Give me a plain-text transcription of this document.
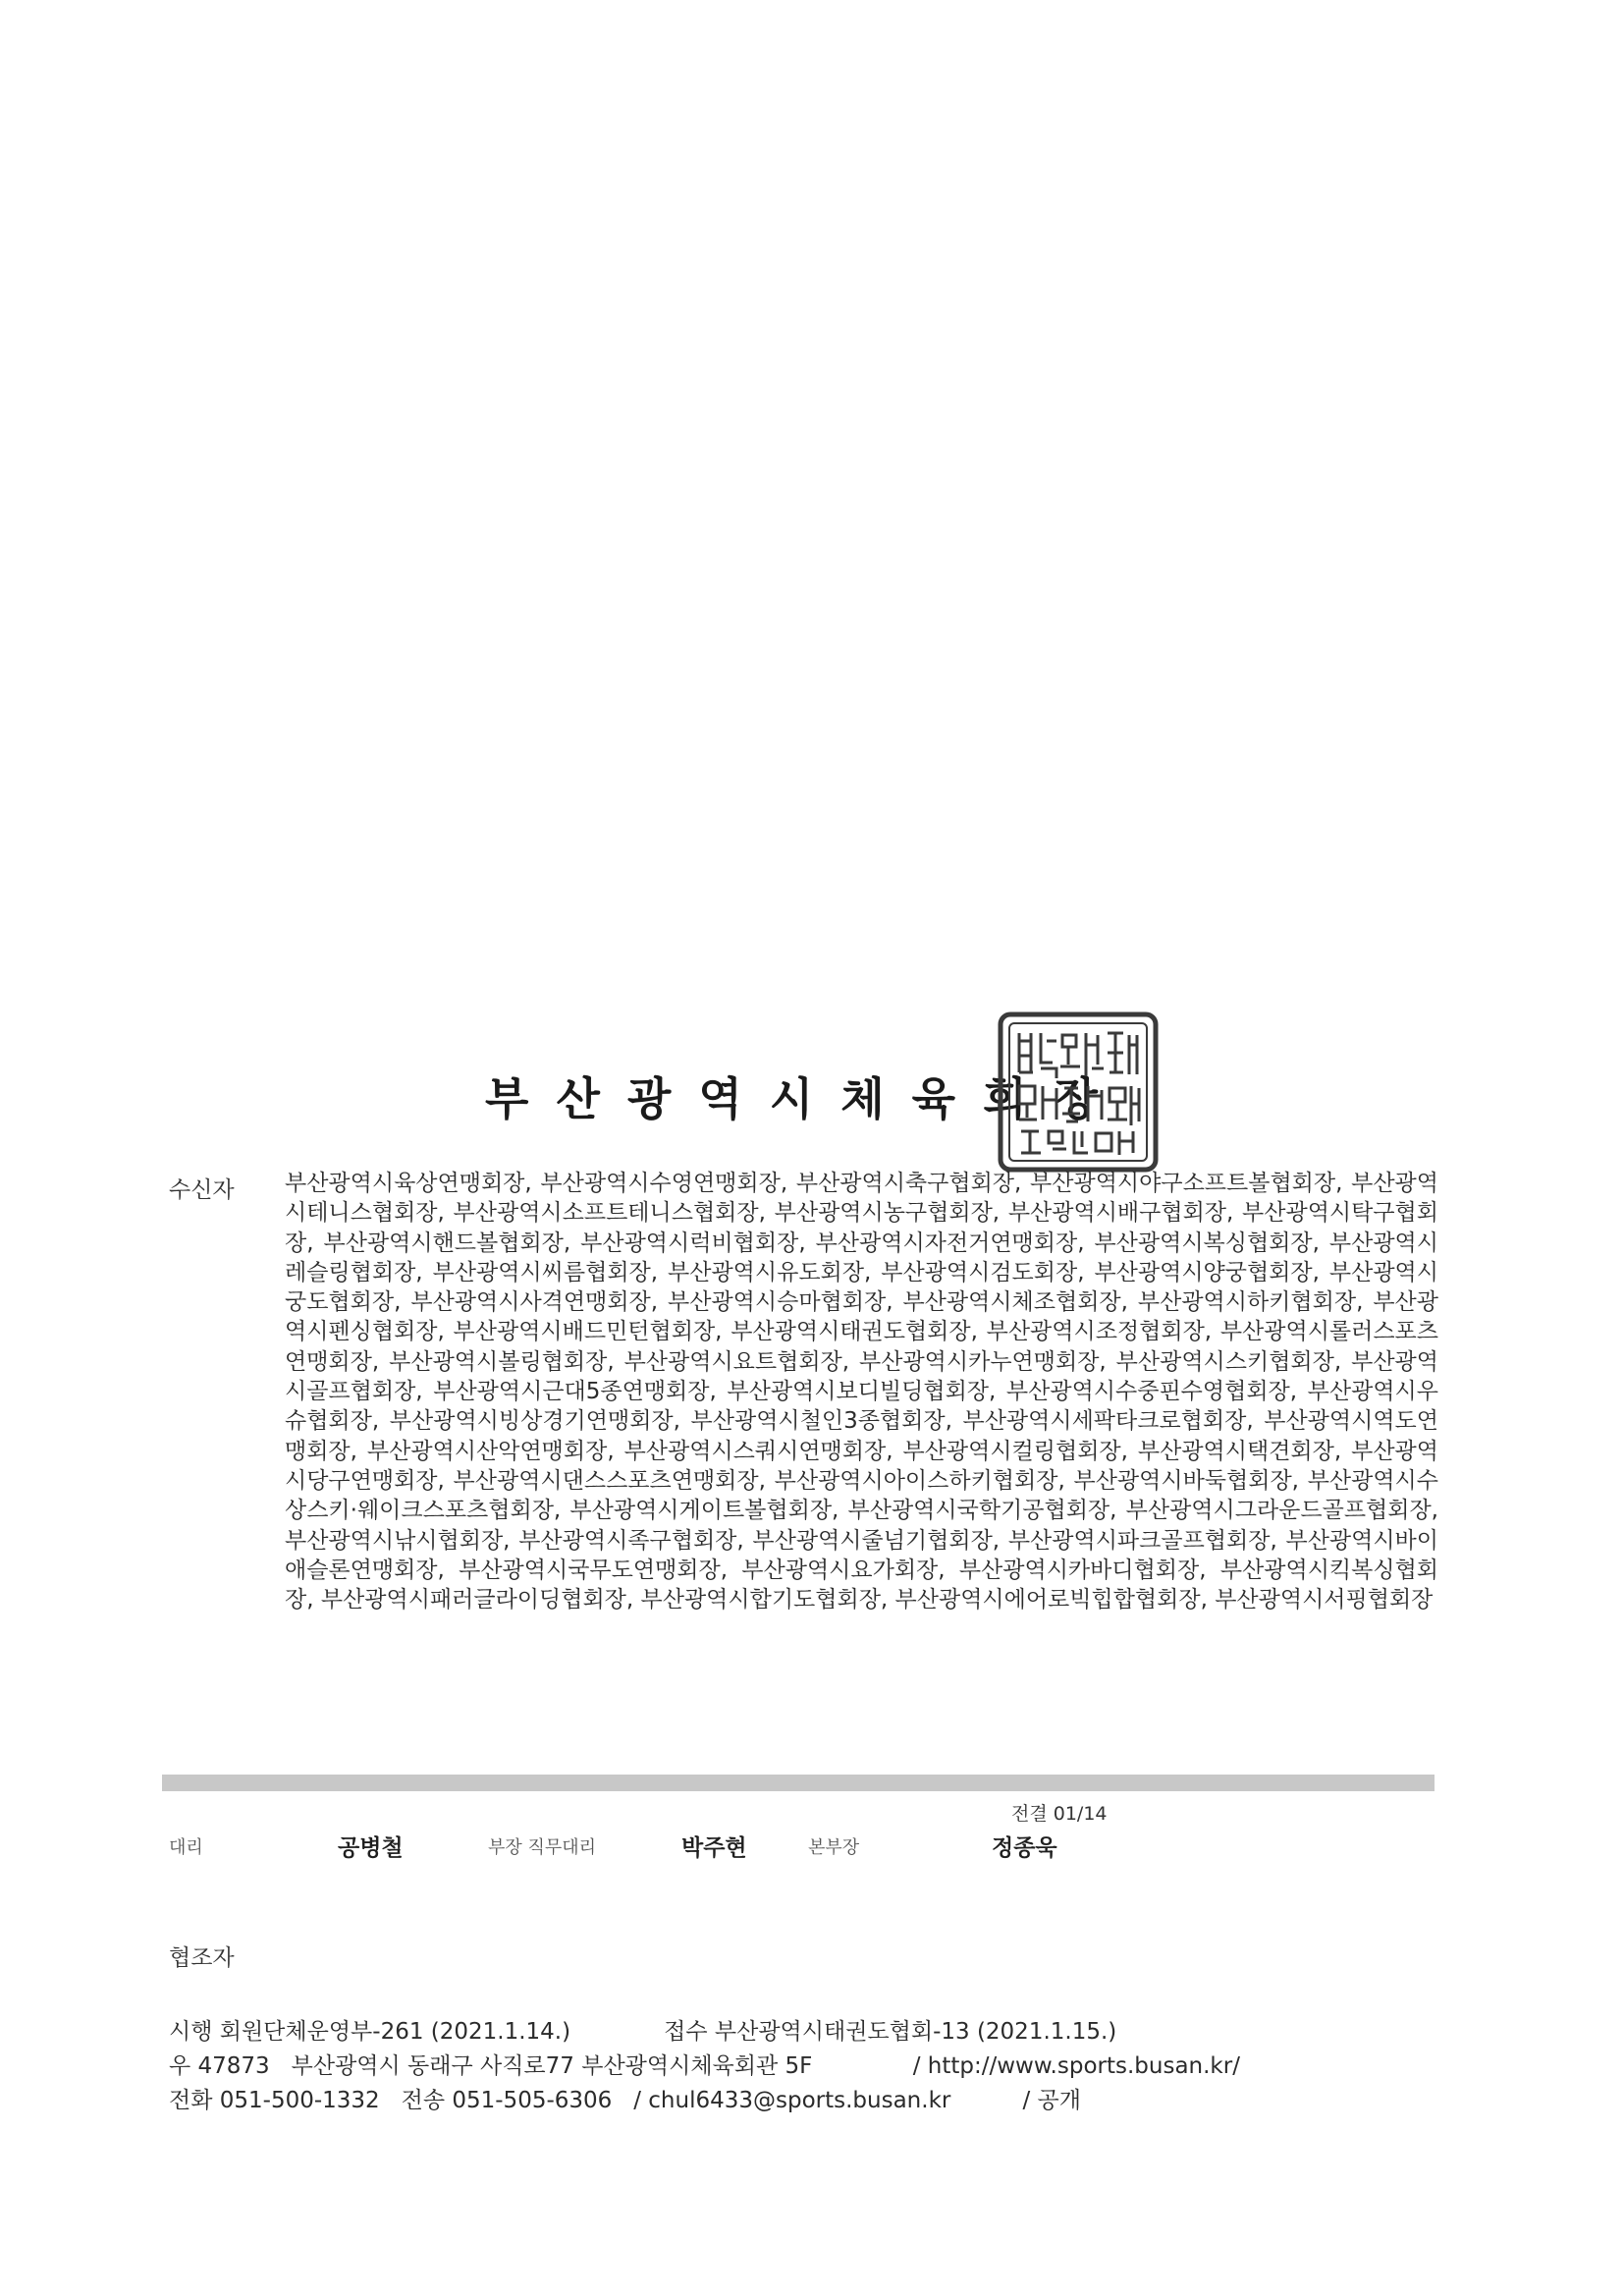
부산광역시체육회장
수신자 부산광역시육상연맹회장, 부산광역시수영연맹회장, 부산광역시축구협회장, 부산광역시야구소프트볼협회장, 부산광역시테니스협회장, 부산광역시소프트테니스협회장, 부산광역시농구협회장, 부산광역시배구협회장, 부산광역시탁구협회장, 부산광역시핸드볼협회장, 부산광역시럭비협회장, 부산광역시자전거연맹회장, 부산광역시복싱협회장, 부산광역시레슬링협회장, 부산광역시씨름협회장, 부산광역시유도회장, 부산광역시검도회장, 부산광역시양궁협회장, 부산광역시궁도협회장, 부산광역시사격연맹회장, 부산광역시승마협회장, 부산광역시체조협회장, 부산광역시하키협회장, 부산광역시펜싱협회장, 부산광역시배드민턴협회장, 부산광역시태권도협회장, 부산광역시조정협회장, 부산광역시롤러스포츠연맹회장, 부산광역시볼링협회장, 부산광역시요트협회장, 부산광역시카누연맹회장, 부산광역시스키협회장, 부산광역시골프협회장, 부산광역시근대5종연맹회장, 부산광역시보디빌딩협회장, 부산광역시수중핀수영협회장, 부산광역시우슈협회장, 부산광역시빙상경기연맹회장, 부산광역시철인3종협회장, 부산광역시세팍타크로협회장, 부산광역시역도연맹회장, 부산광역시산악연맹회장, 부산광역시스쿼시연맹회장, 부산광역시컬링협회장, 부산광역시택견회장, 부산광역시당구연맹회장, 부산광역시댄스스포츠연맹회장, 부산광역시아이스하키협회장, 부산광역시바둑협회장, 부산광역시수상스키·웨이크스포츠협회장, 부산광역시게이트볼협회장, 부산광역시국학기공협회장, 부산광역시그라운드골프협회장, 부산광역시낚시협회장, 부산광역시족구협회장, 부산광역시줄넘기협회장, 부산광역시파크골프협회장, 부산광역시바이애슬론연맹회장, 부산광역시국무도연맹회장, 부산광역시요가회장, 부산광역시카바디협회장, 부산광역시킥복싱협회장, 부산광역시패러글라이딩협회장, 부산광역시합기도협회장, 부산광역시에어로빅힙합협회장, 부산광역시서핑협회장

전결 01/14
대리	공병철	부장 직무대리	박주현	본부장	정종욱
협조자
시행 회원단체운영부-261 (2021.1.14.)             접수 부산광역시태권도협회-13 (2021.1.15.)
우 47873   부산광역시 동래구 사직로77 부산광역시체육회관 5F              / http://www.sports.busan.kr/
전화 051-500-1332   전송 051-505-6306   / chul6433@sports.busan.kr          / 공개
